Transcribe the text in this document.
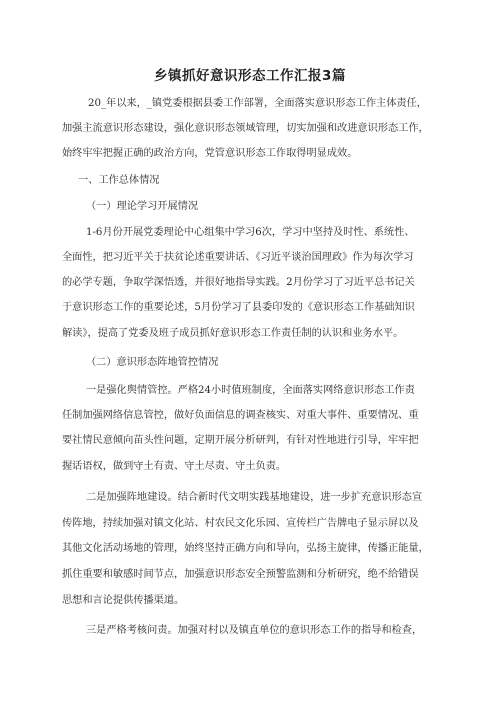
乡镇抓好意识形态工作汇报3篇
20_年以来，_镇党委根据县委工作部署，全面落实意识形态工作主体责任，
加强主流意识形态建设，强化意识形态领域管理，切实加强和改进意识形态工作，
始终牢牢把握正确的政治方向，党管意识形态工作取得明显成效。
一、工作总体情况
（一）理论学习开展情况
1-6月份开展党委理论中心组集中学习6次，学习中坚持及时性、系统性、
全面性，把习近平关于扶贫论述重要讲话、《习近平谈治国理政》作为每次学习
的必学专题，争取学深悟透，并很好地指导实践。2月份学习了习近平总书记关
于意识形态工作的重要论述，5月份学习了县委印发的《意识形态工作基础知识
解读》，提高了党委及班子成员抓好意识形态工作责任制的认识和业务水平。
（二）意识形态阵地管控情况
一是强化舆情管控。严格24小时值班制度，全面落实网络意识形态工作责
任制加强网络信息管控，做好负面信息的调查核实、对重大事件、重要情况、重
要社情民意倾向苗头性问题，定期开展分析研判，有针对性地进行引导，牢牢把
握话语权，做到守土有责、守土尽责、守土负责。
二是加强阵地建设。结合新时代文明实践基地建设，进一步扩充意识形态宣
传阵地，持续加强对镇文化站、村农民文化乐园、宣传栏广告牌电子显示屏以及
其他文化活动场地的管理，始终坚持正确方向和导向，弘扬主旋律，传播正能量，
抓住重要和敏感时间节点，加强意识形态安全预警监测和分析研究，绝不给错误
思想和言论提供传播渠道。
三是严格考核问责。加强对村以及镇直单位的意识形态工作的指导和检查，
